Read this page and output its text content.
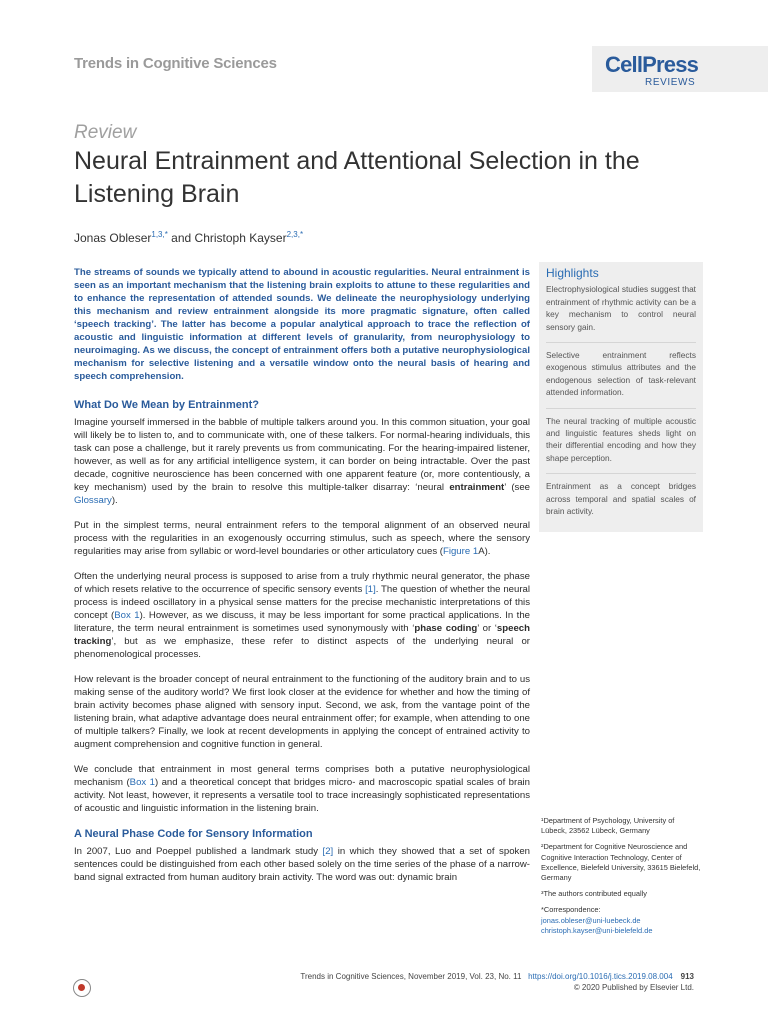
Trends in Cognitive Sciences	CellPress
REVIEWS
Review
Neural Entrainment and Attentional Selection in the Listening Brain
Jonas Obleser$^{1,3,*}$ and Christoph Kayser$^{2,3,*}$

The streams of sounds we typically attend to abound in acoustic regularities. Neural entrainment is seen as an important mechanism that the listening brain exploits to attune to these regularities and to enhance the representation of attended sounds. We delineate the neurophysiology underlying this mechanism and review entrainment alongside its more pragmatic signature, often called ‘speech tracking’. The latter has become a popular analytical approach to trace the reflection of acoustic and linguistic information at different levels of granularity, from neurophysiology to neuroimaging. As we discuss, the concept of entrainment offers both a putative neurophysiological mechanism for selective listening and a versatile window onto the neural basis of hearing and speech comprehension.

What Do We Mean by Entrainment?

Imagine yourself immersed in the babble of multiple talkers around you. In this common situation, your goal will likely be to listen to, and to communicate with, one of these talkers. For normal-hearing individuals, this task can pose a challenge, but it rarely prevents us from communicating. For the hearing-impaired listener, however, as well as for any artificial intelligence system, it can border on being intractable. Over the past decade, cognitive neuroscience has been concerned with one apparent feature (or, more contentiously, a key mechanism) used by the brain to resolve this multiple-talker disarray: ‘neural entrainment’ (see Glossary).

Put in the simplest terms, neural entrainment refers to the temporal alignment of an observed neural process with the regularities in an exogenously occurring stimulus, such as speech, where the sensory regularities may arise from syllabic or word-level boundaries or other articulatory cues (Figure 1A).

Often the underlying neural process is supposed to arise from a truly rhythmic neural generator, the phase of which resets relative to the occurrence of specific sensory events [1]. The question of whether the neural process is indeed oscillatory in a physical sense matters for the precise mechanistic interpretations of this concept (Box 1). However, as we discuss, it may be less important for some practical applications. In the literature, the term neural entrainment is sometimes used synonymously with ‘phase coding’ or ‘speech tracking’, but as we emphasize, these refer to distinct aspects of the underlying neural or phenomenological processes.

How relevant is the broader concept of neural entrainment to the functioning of the auditory brain and to us making sense of the auditory world? We first look closer at the evidence for whether and how the timing of brain activity becomes phase aligned with sensory input. Second, we ask, from the vantage point of the listening brain, what adaptive advantage does neural entrainment offer; for example, when attending to one of multiple talkers? Finally, we look at recent developments in applying the concept of entrained activity to augment comprehension and cognitive function in general.

We conclude that entrainment in most general terms comprises both a putative neurophysiological mechanism (Box 1) and a theoretical concept that bridges micro- and macroscopic spatial scales of brain activity. Not least, however, it represents a versatile tool to trace increasingly sophisticated representations of acoustic and linguistic information in the listening brain.

A Neural Phase Code for Sensory Information

In 2007, Luo and Poeppel published a landmark study [2] in which they showed that a set of spoken sentences could be distinguished from each other based solely on the time series of the phase of a narrow-band signal extracted from human auditory brain activity. The word was out: dynamic brain

Highlights

Electrophysiological studies suggest that entrainment of rhythmic activity can be a key mechanism to control neural sensory gain.

Selective entrainment reflects exogenous stimulus attributes and the endogenous selection of task-relevant attended information.

The neural tracking of multiple acoustic and linguistic features sheds light on their differential encoding and how they shape perception.

Entrainment as a concept bridges across temporal and spatial scales of brain activity.

¹Department of Psychology, University of Lübeck, 23562 Lübeck, Germany

²Department for Cognitive Neuroscience and Cognitive Interaction Technology, Center of Excellence, Bielefeld University, 33615 Bielefeld, Germany

³The authors contributed equally

*Correspondence:
jonas.obleser@uni-luebeck.de
christoph.kayser@uni-bielefeld.de

Trends in Cognitive Sciences, November 2019, Vol. 23, No. 11 https://doi.org/10.1016/j.tics.2019.08.004 913
© 2020 Published by Elsevier Ltd.
